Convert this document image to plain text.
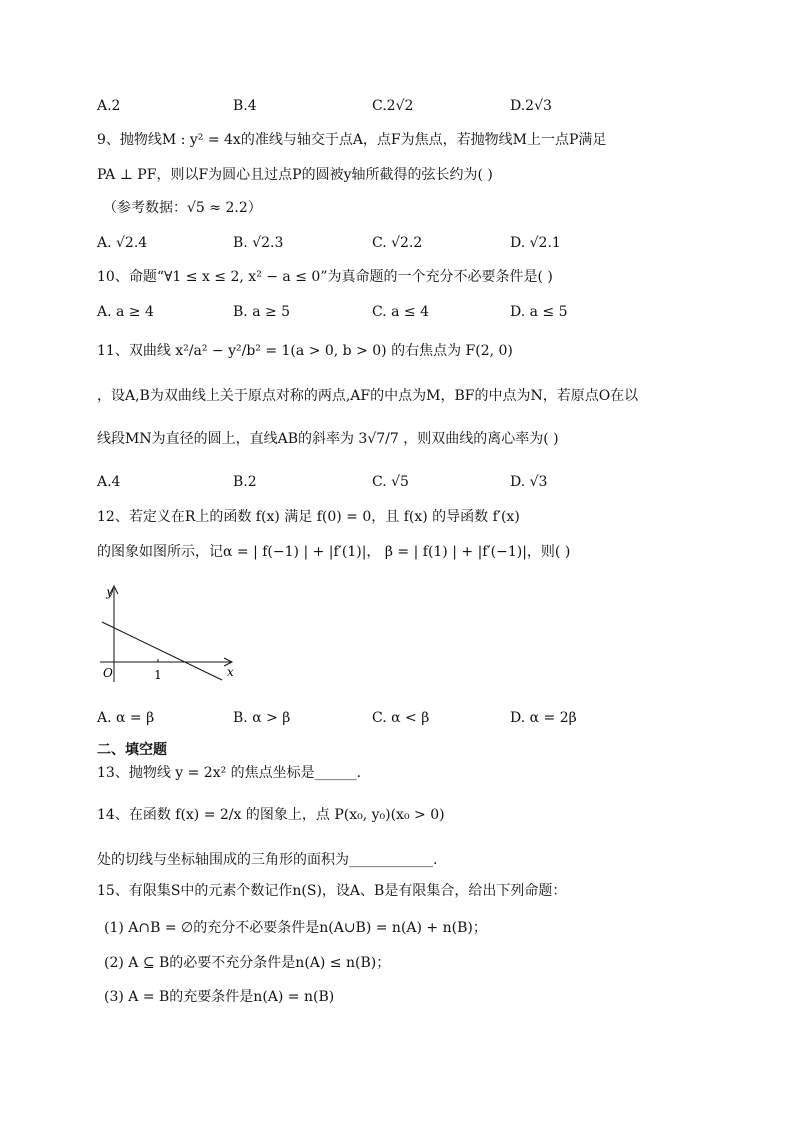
A.2	B.4	C.2√2	D.2√3
9、抛物线M : y² = 4x的准线与轴交于点A，点F为焦点，若抛物线M上一点P满足
PA ⊥ PF，则以F为圆心且过点P的圆被y轴所截得的弦长约为( )
（参考数据：√5 ≈ 2.2）
A. √2.4	B. √2.3	C. √2.2	D. √2.1
10、命题“∀1 ≤ x ≤ 2, x² − a ≤ 0”为真命题的一个充分不必要条件是( )
A. a ≥ 4	B. a ≥ 5	C. a ≤ 4	D. a ≤ 5
11、双曲线 x²/a² − y²/b² = 1(a > 0, b > 0) 的右焦点为 F(2, 0)
，设A,B为双曲线上关于原点对称的两点,AF的中点为M，BF的中点为N，若原点O在以
线段MN为直径的圆上，直线AB的斜率为 3√7/7 ，则双曲线的离心率为( )
A.4	B.2	C. √5	D. √3
12、若定义在R上的函数 f(x) 满足 f(0) = 0，且 f(x) 的导函数 f′(x)
的图象如图所示，记α = | f(−1) | + |f′(1)|， β = | f(1) | + |f′(−1)|，则( )
y
x
O	1
A. α = β	B. α > β	C. α < β	D. α = 2β
二、填空题
13、抛物线 y = 2x² 的焦点坐标是______.
14、在函数 f(x) = 2/x 的图象上，点 P(x₀, y₀)(x₀ > 0)
处的切线与坐标轴围成的三角形的面积为____________.
15、有限集S中的元素个数记作n(S)，设A、B是有限集合，给出下列命题：
(1) A∩B = ∅的充分不必要条件是n(A∪B) = n(A) + n(B)；
(2) A ⊆ B的必要不充分条件是n(A) ≤ n(B)；
(3) A = B的充要条件是n(A) = n(B)
